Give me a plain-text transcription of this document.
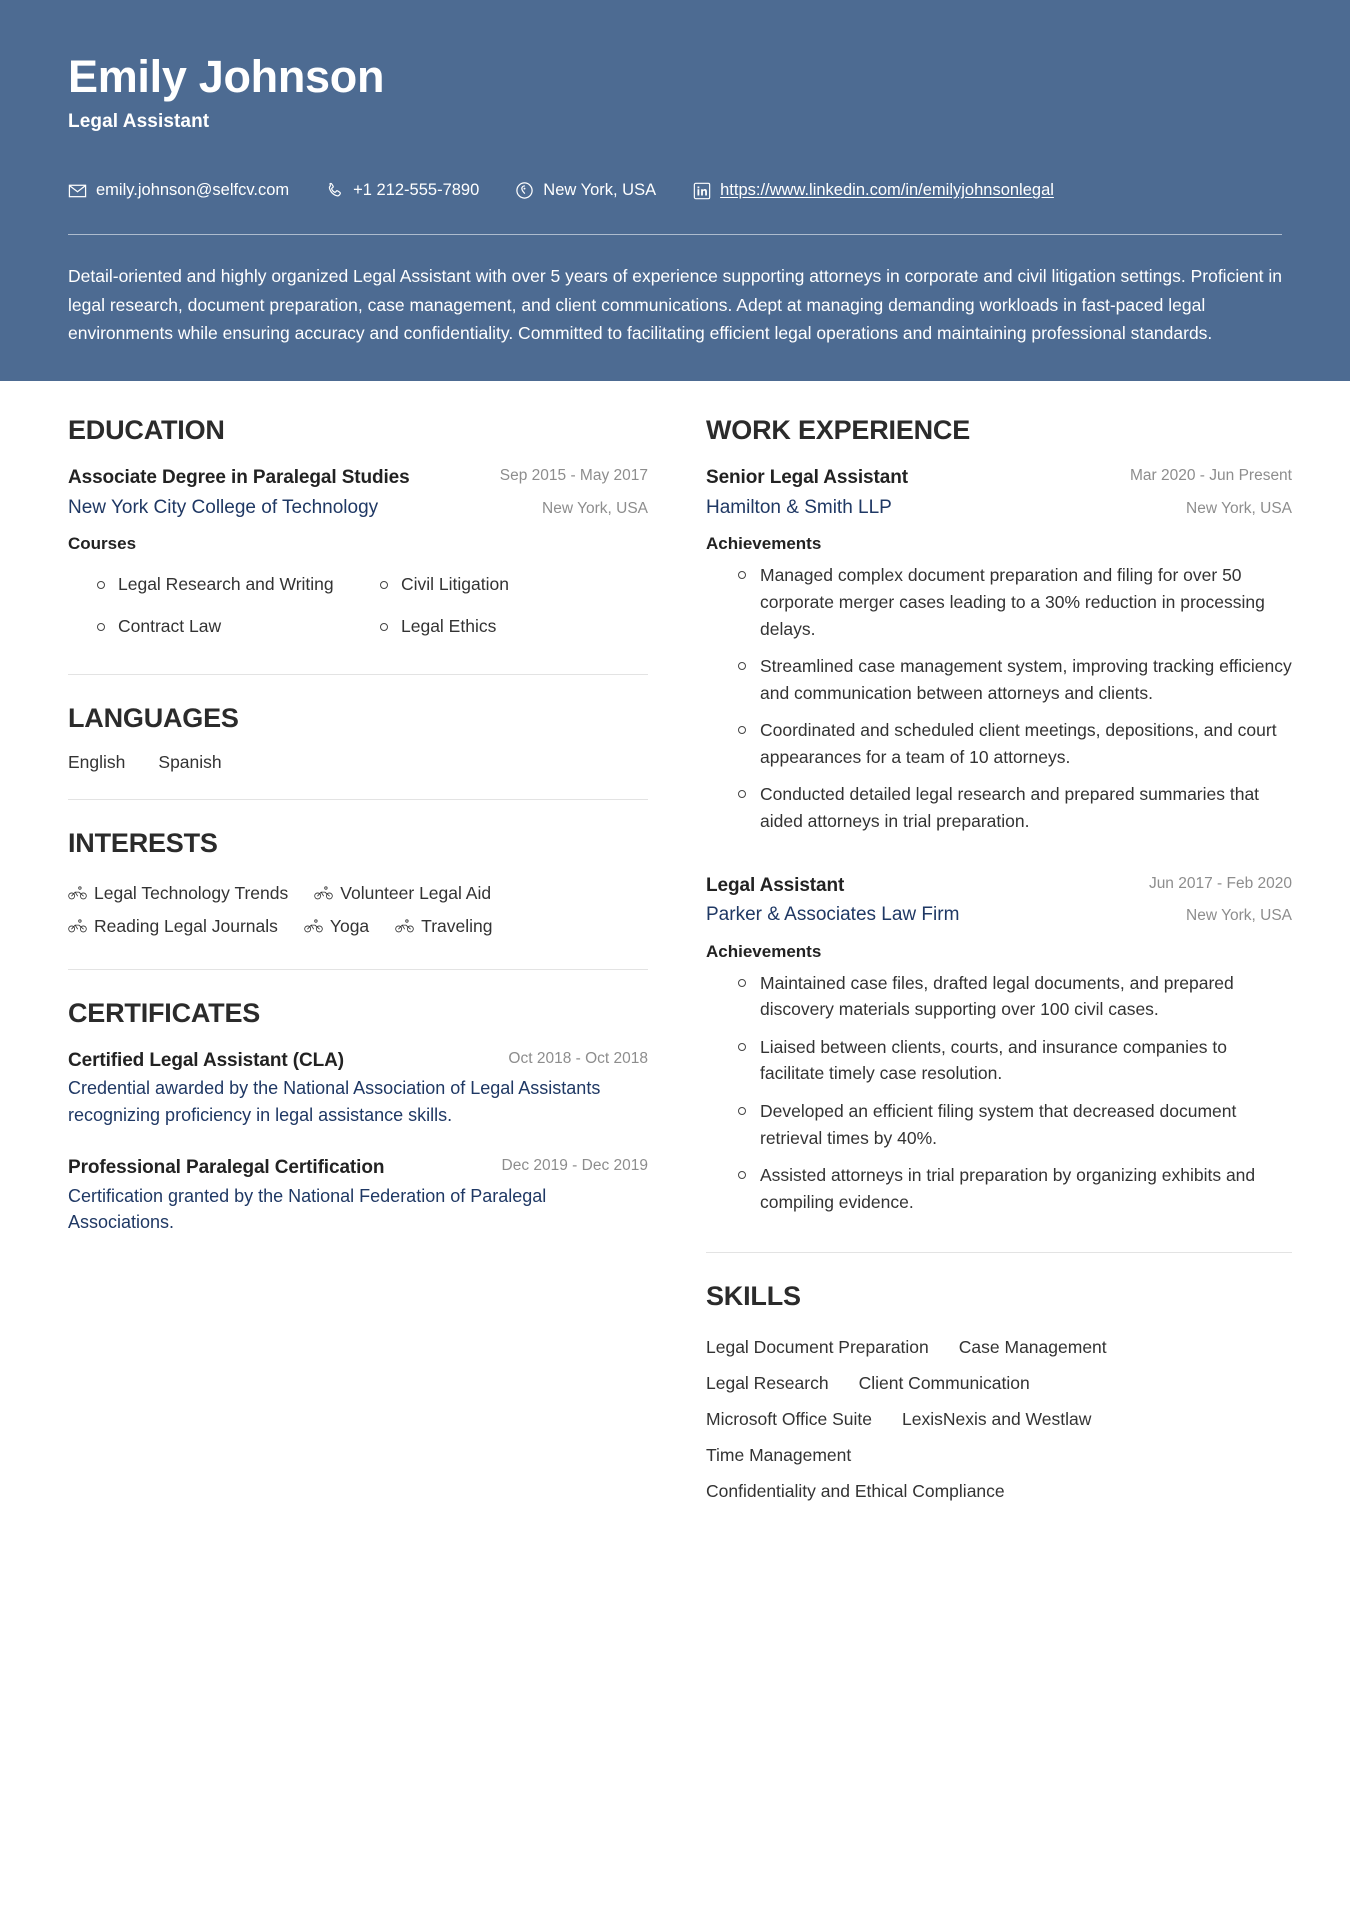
Emily Johnson
Legal Assistant
emily.johnson@selfcv.com	+1 212-555-7890	New York, USA	https://www.linkedin.com/in/emilyjohnsonlegal
Detail-oriented and highly organized Legal Assistant with over 5 years of experience supporting attorneys in corporate and civil litigation settings. Proficient in legal research, document preparation, case management, and client communications. Adept at managing demanding workloads in fast-paced legal environments while ensuring accuracy and confidentiality. Committed to facilitating efficient legal operations and maintaining professional standards.
EDUCATION
Associate Degree in Paralegal Studies	Sep 2015 - May 2017
New York City College of Technology	New York, USA
Courses
Legal Research and Writing	Civil Litigation
Contract Law	Legal Ethics
LANGUAGES
English Spanish
INTERESTS
Legal Technology Trends	Volunteer Legal Aid
Reading Legal Journals	Yoga	Traveling
CERTIFICATES
Certified Legal Assistant (CLA)	Oct 2018 - Oct 2018
Credential awarded by the National Association of Legal Assistants recognizing proficiency in legal assistance skills.
Professional Paralegal Certification	Dec 2019 - Dec 2019
Certification granted by the National Federation of Paralegal Associations.
WORK EXPERIENCE
Senior Legal Assistant	Mar 2020 - Jun Present
Hamilton & Smith LLP	New York, USA
Achievements
Managed complex document preparation and filing for over 50 corporate merger cases leading to a 30% reduction in processing delays.
Streamlined case management system, improving tracking efficiency and communication between attorneys and clients.
Coordinated and scheduled client meetings, depositions, and court appearances for a team of 10 attorneys.
Conducted detailed legal research and prepared summaries that aided attorneys in trial preparation.
Legal Assistant	Jun 2017 - Feb 2020
Parker & Associates Law Firm	New York, USA
Achievements
Maintained case files, drafted legal documents, and prepared discovery materials supporting over 100 civil cases.
Liaised between clients, courts, and insurance companies to facilitate timely case resolution.
Developed an efficient filing system that decreased document retrieval times by 40%.
Assisted attorneys in trial preparation by organizing exhibits and compiling evidence.
SKILLS
Legal Document Preparation Case Management
Legal Research Client Communication
Microsoft Office Suite LexisNexis and Westlaw
Time Management
Confidentiality and Ethical Compliance
